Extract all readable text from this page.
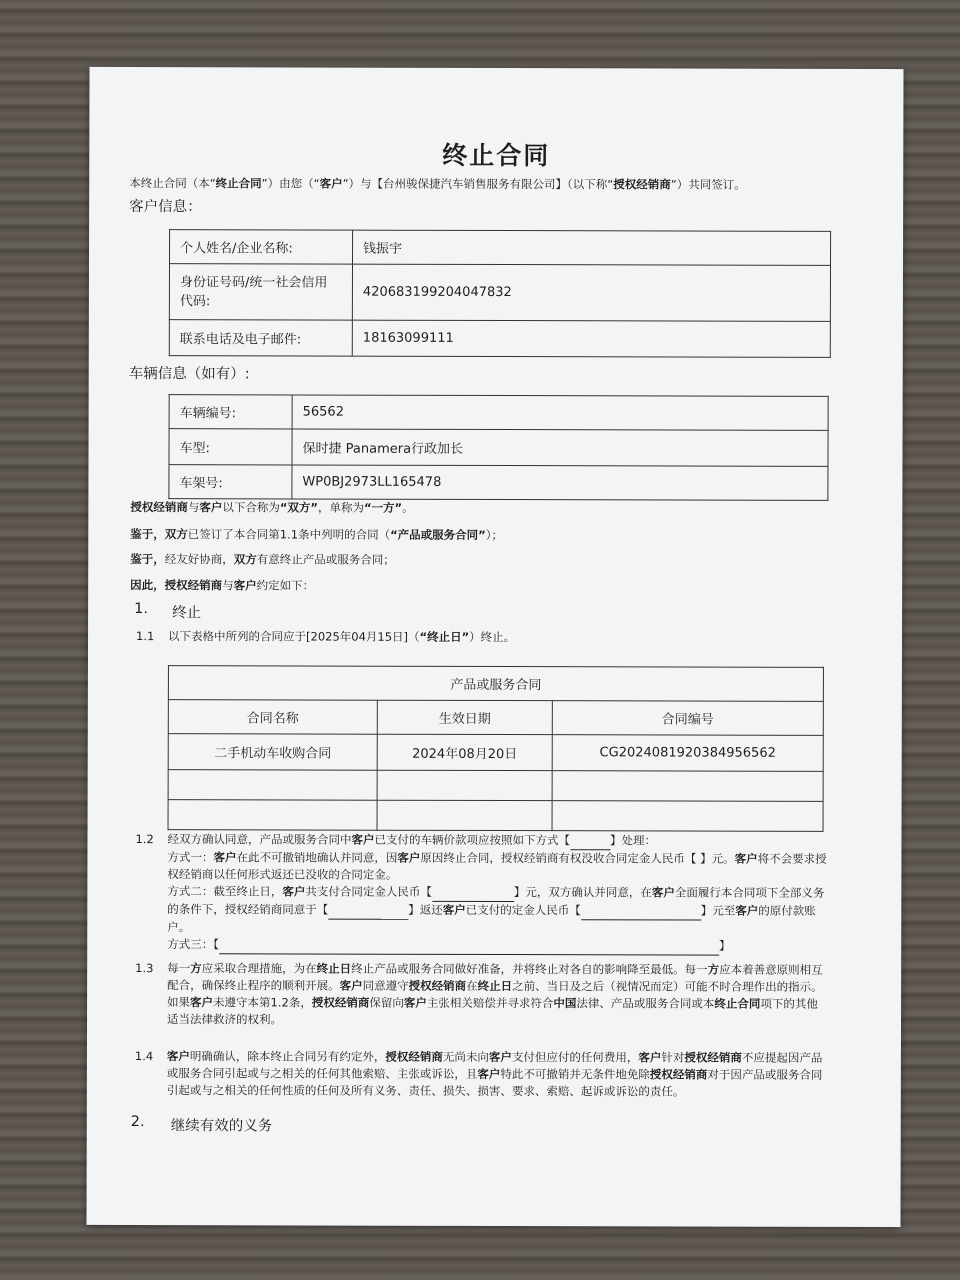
终止合同
本终止合同（本“终止合同”）由您（“客户”）与【台州骏保捷汽车销售服务有限公司】（以下称“授权经销商”）共同签订。
客户信息：
个人姓名/企业名称:	钱振宇
身份证号码/统一社会信用
代码:	420683199204047832
联系电话及电子邮件:	18163099111
车辆信息（如有）:
车辆编号:	56562
车型:	保时捷 Panamera行政加长
车架号:	WP0BJ2973LL165478
授权经销商与客户以下合称为“双方”，单称为“一方”。
鉴于，双方已签订了本合同第1.1条中列明的合同（“产品或服务合同”）；
鉴于，经友好协商，双方有意终止产品或服务合同；
因此，授权经销商与客户约定如下：
1. 终止
1.1 以下表格中所列的合同应于[2025年04月15日]（“终止日”）终止。
产品或服务合同		
合同名称	生效日期	合同编号
二手机动车收购合同	2024年08月20日	CG2024081920384956562

1.2 经双方确认同意，产品或服务合同中客户已支付的车辆价款项应按照如下方式【	】处理：
方式一：客户在此不可撤销地确认并同意，因客户原因终止合同，授权经销商有权没收合同定金人民币【 】元。客户将不会要求授
权经销商以任何形式返还已没收的合同定金。
方式二：截至终止日，客户共支付合同定金人民币【	】元，双方确认并同意，在客户全面履行本合同项下全部义务
的条件下，授权经销商同意于【	】返还客户已支付的定金人民币【	】元至客户的原付款账
户。
方式三：【	】
1.3 每一方应采取合理措施，为在终止日终止产品或服务合同做好准备，并将终止对各自的影响降至最低。每一方应本着善意原则相互
配合，确保终止程序的顺利开展。客户同意遵守授权经销商在终止日之前、当日及之后（视情况而定）可能不时合理作出的指示。
如果客户未遵守本第1.2条，授权经销商保留向客户主张相关赔偿并寻求符合中国法律、产品或服务合同或本终止合同项下的其他
适当法律救济的权利。
1.4 客户明确确认，除本终止合同另有约定外，授权经销商无尚未向客户支付但应付的任何费用，客户针对授权经销商不应提起因产品
或服务合同引起或与之相关的任何其他索赔、主张或诉讼，且客户特此不可撤销并无条件地免除授权经销商对于因产品或服务合同
引起或与之相关的任何性质的任何及所有义务、责任、损失、损害、要求、索赔、起诉或诉讼的责任。
2. 继续有效的义务
